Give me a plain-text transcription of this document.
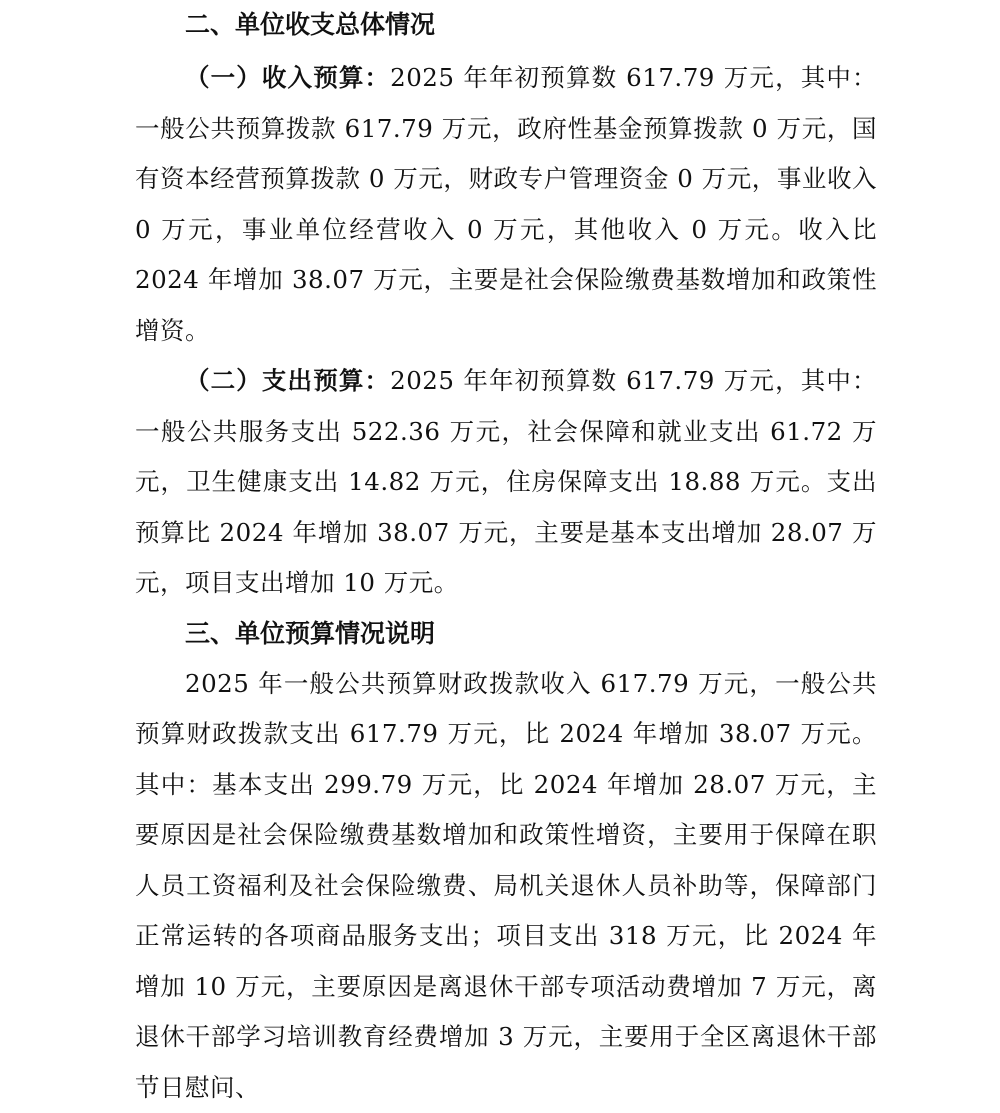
二、单位收支总体情况

（一）收入预算：2025 年年初预算数 617.79 万元，其中：一般公共预算拨款 617.79 万元，政府性基金预算拨款 0 万元，国有资本经营预算拨款 0 万元，财政专户管理资金 0 万元，事业收入 0 万元，事业单位经营收入 0 万元，其他收入 0 万元。收入比 2024 年增加 38.07 万元，主要是社会保险缴费基数增加和政策性增资。

（二）支出预算：2025 年年初预算数 617.79 万元，其中：一般公共服务支出 522.36 万元，社会保障和就业支出 61.72 万元，卫生健康支出 14.82 万元，住房保障支出 18.88 万元。支出预算比 2024 年增加 38.07 万元，主要是基本支出增加 28.07 万元，项目支出增加 10 万元。

三、单位预算情况说明

2025 年一般公共预算财政拨款收入 617.79 万元，一般公共预算财政拨款支出 617.79 万元，比 2024 年增加 38.07 万元。其中：基本支出 299.79 万元，比 2024 年增加 28.07 万元，主要原因是社会保险缴费基数增加和政策性增资，主要用于保障在职人员工资福利及社会保险缴费、局机关退休人员补助等，保障部门正常运转的各项商品服务支出；项目支出 318 万元，比 2024 年增加 10 万元，主要原因是离退休干部专项活动费增加 7 万元，离退休干部学习培训教育经费增加 3 万元，主要用于全区离退休干部节日慰问、
